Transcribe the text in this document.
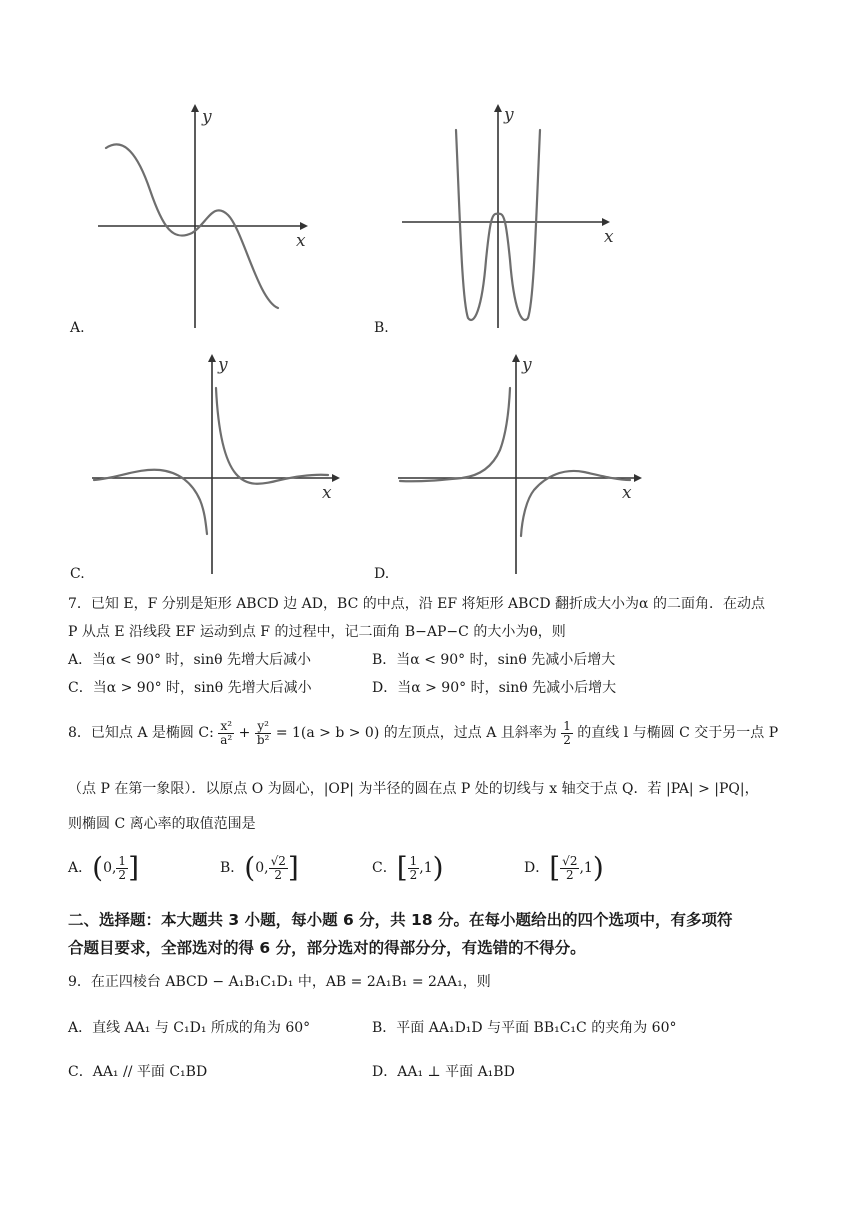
x
y
A.
x
y
B.
x
y
C.
x
y
D.
7．已知 E，F 分别是矩形 ABCD 边 AD，BC 的中点，沿 EF 将矩形 ABCD 翻折成大小为α 的二面角．在动点
P 从点 E 沿线段 EF 运动到点 F 的过程中，记二面角 B−AP−C 的大小为θ，则
A．当α < 90° 时，sinθ 先增大后减小	B．当α < 90° 时，sinθ 先减小后增大
C．当α > 90° 时，sinθ 先增大后减小	D．当α > 90° 时，sinθ 先减小后增大
8．已知点 A 是椭圆 C: $\frac{\text{x²}}{\text{a²}} + \frac{\text{y²}}{\text{b²}} = 1(a > b > 0)$ 的左顶点，过点 A 且斜率为 $\frac{1}{2}$ 的直线 l 与椭圆 C 交于另一点 P
（点 P 在第一象限）．以原点 O 为圆心，|OP| 为半径的圆在点 P 处的切线与 x 轴交于点 Q．若 |PA| > |PQ|，
则椭圆 C 离心率的取值范围是
A．(0, $\frac{1}{2}$ ]	B．(0, $\frac{√2}{2}$ ]	C．[ $\frac{1}{2} ,1$)	D．[ $\frac{√2}{2} ,1$)
二、选择题：本大题共 3 小题，每小题 6 分，共 18 分。在每小题给出的四个选项中，有多项符
合题目要求，全部选对的得 6 分，部分选对的得部分分，有选错的不得分。
9．在正四棱台 ABCD − A₁B₁C₁D₁ 中，AB = 2A₁B₁ = 2AA₁，则
A．直线 AA₁ 与 C₁D₁ 所成的角为 60°	B．平面 AA₁D₁D 与平面 BB₁C₁C 的夹角为 60°
C．AA₁ // 平面 C₁BD	D．AA₁ ⊥ 平面 A₁BD
